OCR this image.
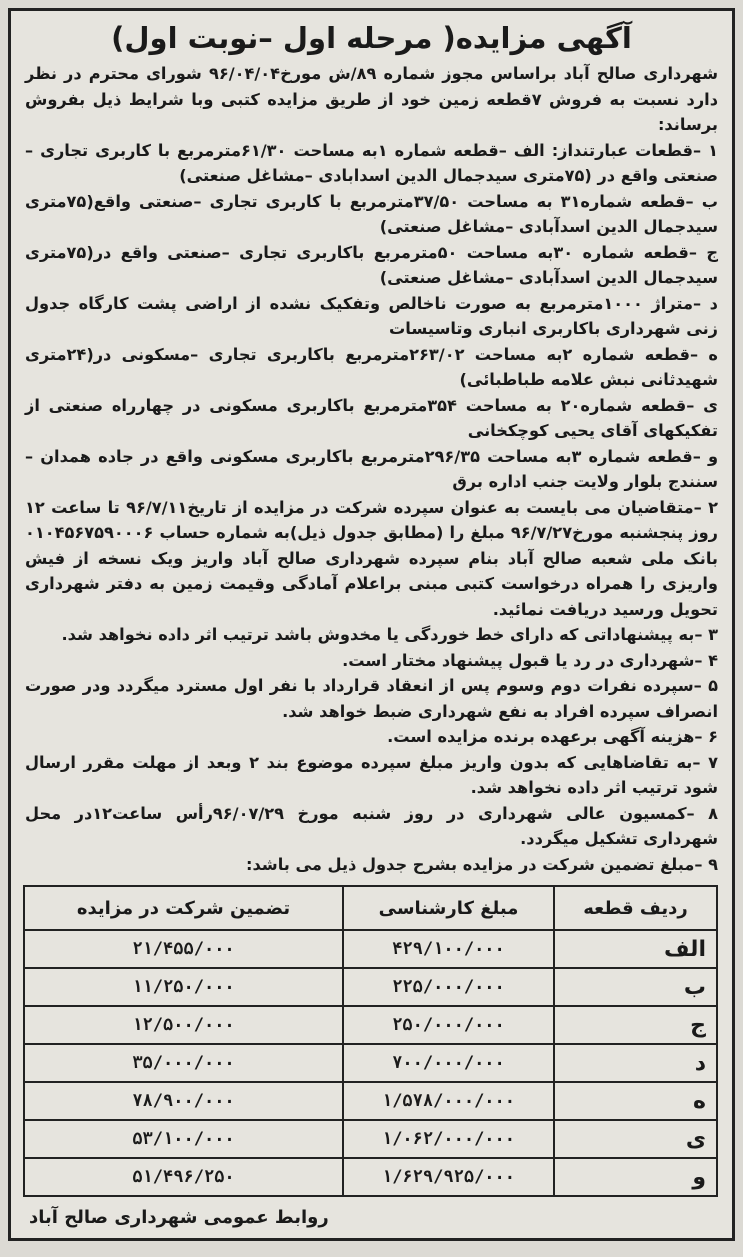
آگهی مزایده( مرحله اول –نوبت اول)
شهرداری صالح آباد براساس مجوز شماره ۸۹/ش مورخ۹۶/۰۴/۰۴ شورای محترم در نظر دارد نسبت به فروش ۷قطعه زمین خود از طریق مزایده کتبی وبا شرایط ذیل بفروش برساند:
۱ –قطعات عبارتنداز: الف –قطعه شماره ۱به مساحت ۶۱/۳۰مترمربع با کاربری تجاری –صنعتی واقع در (۷۵متری سیدجمال الدین اسدابادی –مشاغل صنعتی)
ب –قطعه شماره۳۱ به مساحت ۳۷/۵۰مترمربع با کاربری تجاری –صنعتی واقع(۷۵متری سیدجمال الدین اسدآبادی –مشاغل صنعتی)
ج –قطعه شماره ۳۰به مساحت ۵۰مترمربع باکاربری تجاری –صنعتی واقع در(۷۵متری سیدجمال الدین اسدآبادی –مشاغل صنعتی)
د –متراژ ۱۰۰۰مترمربع به صورت ناخالص وتفکیک نشده از اراضی پشت کارگاه جدول زنی شهرداری باکاربری انباری وتاسیسات
ه –قطعه شماره ۲به مساحت ۲۶۳/۰۲مترمربع باکاربری تجاری –مسکونی در(۲۴متری شهیدثانی نبش علامه طباطبائی)
ی –قطعه شماره۲۰ به مساحت ۳۵۴مترمربع باکاربری مسکونی در چهارراه صنعتی از تفکیکهای آقای یحیی کوچکخانی
و –قطعه شماره ۳به مساحت ۲۹۶/۳۵مترمربع باکاربری مسکونی واقع در جاده همدان –سنندج بلوار ولایت جنب اداره برق
۲ –متقاضیان می بایست به عنوان سپرده شرکت در مزایده از تاریخ۹۶/۷/۱۱ تا ساعت ۱۲ روز پنجشنبه مورخ۹۶/۷/۲۷ مبلغ را (مطابق جدول ذیل)به شماره حساب ۰۱۰۴۵۶۷۵۹۰۰۰۶ بانک ملی شعبه صالح آباد بنام سپرده شهرداری صالح آباد واریز ویک نسخه از فیش واریزی را همراه درخواست کتبی مبنی براعلام آمادگی وقیمت زمین به دفتر شهرداری تحویل ورسید دریافت نمائید.
۳ –به پیشنهاداتی که دارای خط خوردگی یا مخدوش باشد ترتیب اثر داده نخواهد شد.
۴ –شهرداری در رد یا قبول پیشنهاد مختار است.
۵ –سپرده نفرات دوم وسوم پس از انعقاد قرارداد با نفر اول مسترد میگردد ودر صورت انصراف سپرده افراد به نفع شهرداری ضبط خواهد شد.
۶ –هزینه آگهی برعهده برنده مزایده است.
۷ –به تقاضاهایی که بدون واریز مبلغ سپرده موضوع بند ۲ وبعد از مهلت مقرر ارسال شود ترتیب اثر داده نخواهد شد.
۸ –کمسیون عالی شهرداری در روز شنبه مورخ ۹۶/۰۷/۲۹رأس ساعت۱۲در محل شهرداری تشکیل میگردد.
۹ –مبلغ تضمین شرکت در مزایده بشرح جدول ذیل می باشد:
ردیف قطعه	مبلغ کارشناسی	تضمین شرکت در مزایده
الف	۴۲۹/۱۰۰/۰۰۰	۲۱/۴۵۵/۰۰۰
ب	۲۲۵/۰۰۰/۰۰۰	۱۱/۲۵۰/۰۰۰
ج	۲۵۰/۰۰۰/۰۰۰	۱۲/۵۰۰/۰۰۰
د	۷۰۰/۰۰۰/۰۰۰	۳۵/۰۰۰/۰۰۰
ه	۱/۵۷۸/۰۰۰/۰۰۰	۷۸/۹۰۰/۰۰۰
ی	۱/۰۶۲/۰۰۰/۰۰۰	۵۳/۱۰۰/۰۰۰
و	۱/۶۲۹/۹۲۵/۰۰۰	۵۱/۴۹۶/۲۵۰
روابط عمومی شهرداری صالح آباد
